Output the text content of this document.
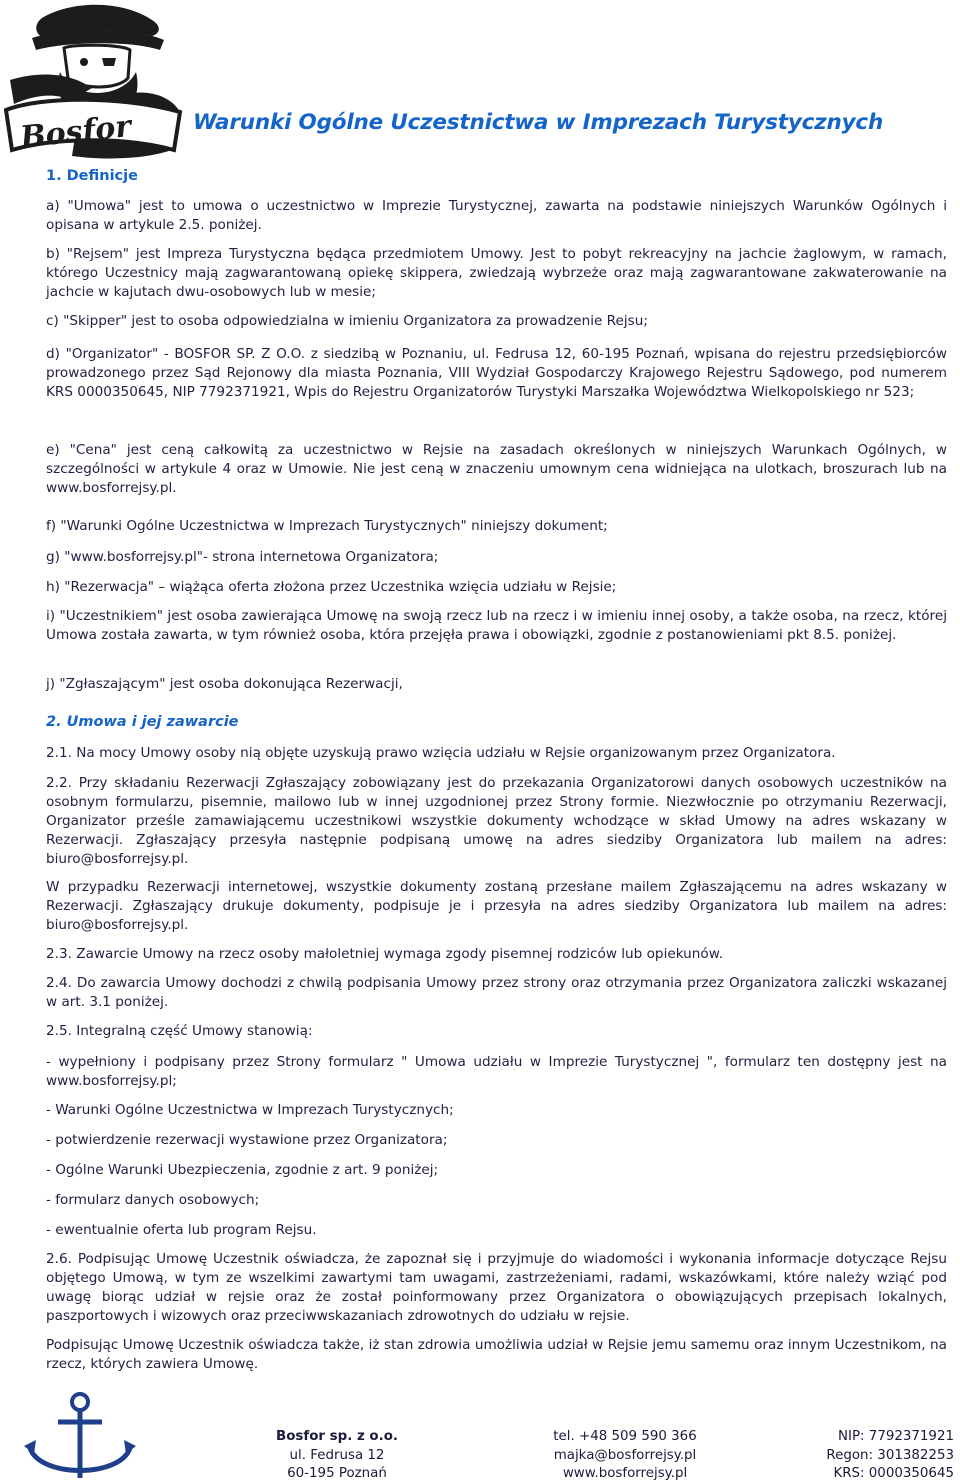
Bosfor	Warunki Ogólne Uczestnictwa w Imprezach Turystycznych
1. Definicje

a) "Umowa" jest to umowa o uczestnictwo w Imprezie Turystycznej, zawarta na podstawie niniejszych Warunków Ogólnych i opisana w artykule 2.5. poniżej.

b) "Rejsem" jest Impreza Turystyczna będąca przedmiotem Umowy. Jest to pobyt rekreacyjny na jachcie żaglowym, w ramach, którego Uczestnicy mają zagwarantowaną opiekę skippera, zwiedzają wybrzeże oraz mają zagwarantowane zakwaterowanie na jachcie w kajutach dwu-osobowych lub w mesie;

c) "Skipper" jest to osoba odpowiedzialna w imieniu Organizatora za prowadzenie Rejsu;

d) "Organizator" - BOSFOR SP. Z O.O. z siedzibą w Poznaniu, ul. Fedrusa 12, 60-195 Poznań, wpisana do rejestru przedsiębiorców prowadzonego przez Sąd Rejonowy dla miasta Poznania, VIII Wydział Gospodarczy Krajowego Rejestru Sądowego, pod numerem KRS 0000350645, NIP 7792371921, Wpis do Rejestru Organizatorów Turystyki Marszałka Województwa Wielkopolskiego nr 523;

e) "Cena" jest ceną całkowitą za uczestnictwo w Rejsie na zasadach określonych w niniejszych Warunkach Ogólnych, w szczególności w artykule 4 oraz w Umowie. Nie jest ceną w znaczeniu umownym cena widniejąca na ulotkach, broszurach lub na www.bosforrejsy.pl.

f) "Warunki Ogólne Uczestnictwa w Imprezach Turystycznych" niniejszy dokument;

g) "www.bosforrejsy.pl"- strona internetowa Organizatora;

h) "Rezerwacja" – wiążąca oferta złożona przez Uczestnika wzięcia udziału w Rejsie;

i) "Uczestnikiem" jest osoba zawierająca Umowę na swoją rzecz lub na rzecz i w imieniu innej osoby, a także osoba, na rzecz, której Umowa została zawarta, w tym również osoba, która przejęła prawa i obowiązki, zgodnie z postanowieniami pkt 8.5. poniżej.

j) "Zgłaszającym" jest osoba dokonująca Rezerwacji,

2. Umowa i jej zawarcie

2.1. Na mocy Umowy osoby nią objęte uzyskują prawo wzięcia udziału w Rejsie organizowanym przez Organizatora.

2.2. Przy składaniu Rezerwacji Zgłaszający zobowiązany jest do przekazania Organizatorowi danych osobowych uczestników na osobnym formularzu, pisemnie, mailowo lub w innej uzgodnionej przez Strony formie. Niezwłocznie po otrzymaniu Rezerwacji, Organizator prześle zamawiającemu uczestnikowi wszystkie dokumenty wchodzące w skład Umowy na adres wskazany w Rezerwacji. Zgłaszający przesyła następnie podpisaną umowę na adres siedziby Organizatora lub mailem na adres: biuro@bosforrejsy.pl.

W przypadku Rezerwacji internetowej, wszystkie dokumenty zostaną przesłane mailem Zgłaszającemu na adres wskazany w Rezerwacji. Zgłaszający drukuje dokumenty, podpisuje je i przesyła na adres siedziby Organizatora lub mailem na adres: biuro@bosforrejsy.pl.

2.3. Zawarcie Umowy na rzecz osoby małoletniej wymaga zgody pisemnej rodziców lub opiekunów.

2.4. Do zawarcia Umowy dochodzi z chwilą podpisania Umowy przez strony oraz otrzymania przez Organizatora zaliczki wskazanej w art. 3.1 poniżej.

2.5. Integralną część Umowy stanowią:

- wypełniony i podpisany przez Strony formularz " Umowa udziału w Imprezie Turystycznej ", formularz ten dostępny jest na www.bosforrejsy.pl;

- Warunki Ogólne Uczestnictwa w Imprezach Turystycznych;

- potwierdzenie rezerwacji wystawione przez Organizatora;

- Ogólne Warunki Ubezpieczenia, zgodnie z art. 9 poniżej;

- formularz danych osobowych;

- ewentualnie oferta lub program Rejsu.

2.6. Podpisując Umowę Uczestnik oświadcza, że zapoznał się i przyjmuje do wiadomości i wykonania informacje dotyczące Rejsu objętego Umową, w tym ze wszelkimi zawartymi tam uwagami, zastrzeżeniami, radami, wskazówkami, które należy wziąć pod uwagę biorąc udział w rejsie oraz że został poinformowany przez Organizatora o obowiązujących przepisach lokalnych, paszportowych i wizowych oraz przeciwwskazaniach zdrowotnych do udziału w rejsie.

Podpisując Umowę Uczestnik oświadcza także, iż stan zdrowia umożliwia udział w Rejsie jemu samemu oraz innym Uczestnikom, na rzecz, których zawiera Umowę.

Bosfor sp. z o.o.
ul. Fedrusa 12
60-195 Poznań
tel. +48 509 590 366
majka@bosforrejsy.pl
www.bosforrejsy.pl
NIP: 7792371921
Regon: 301382253
KRS: 0000350645
